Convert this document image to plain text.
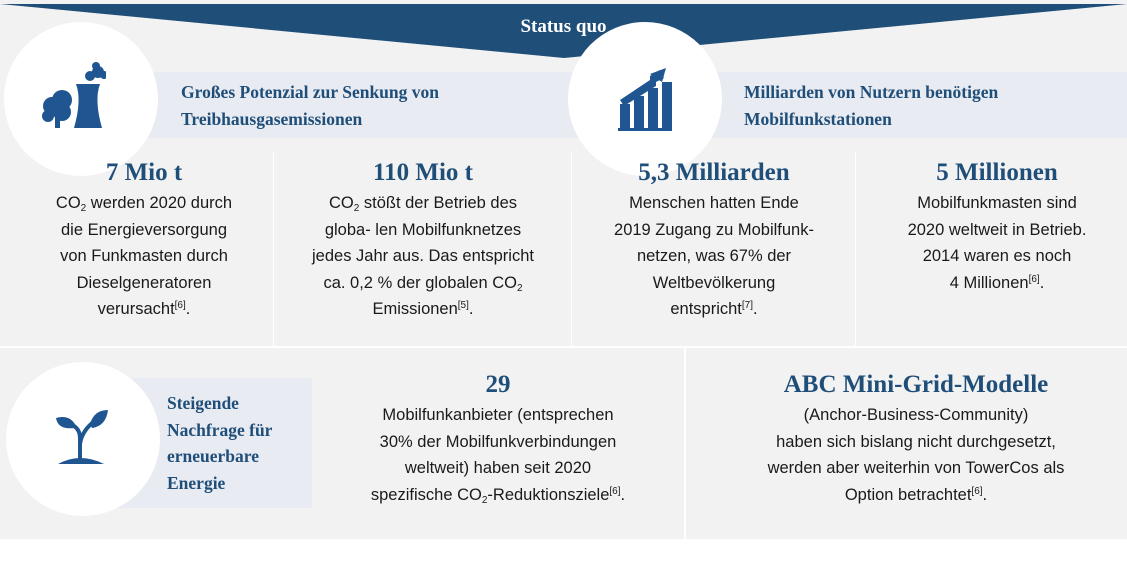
Status quo
Großes Potenzial zur Senkung von
Treibhausgasemissionen
Milliarden von Nutzern benötigen
Mobilfunkstationen
Steigende
Nachfrage für
erneuerbare
Energie
7 Mio t
$CO_2$ werden 2020 durch
die Energieversorgung
von Funkmasten durch
Dieselgeneratoren
verursacht[6].
110 Mio t
$CO_2$ stößt der Betrieb des
globa- len Mobilfunknetzes
jedes Jahr aus. Das entspricht
ca. 0,2 % der globalen $CO_2$
Emissionen[5].
5,3 Milliarden
Menschen hatten Ende
2019 Zugang zu Mobilfunk-
netzen, was 67% der
Weltbevölkerung
entspricht[7].
5 Millionen
Mobilfunkmasten sind
2020 weltweit in Betrieb.
2014 waren es noch
4 Millionen[6].
29
Mobilfunkanbieter (entsprechen
30% der Mobilfunkverbindungen
weltweit) haben seit 2020
spezifische $CO_2-Reduktionsziele[6]$.
ABC Mini-Grid-Modelle
(Anchor-Business-Community)
haben sich bislang nicht durchgesetzt,
werden aber weiterhin von TowerCos als
Option betrachtet[6].
